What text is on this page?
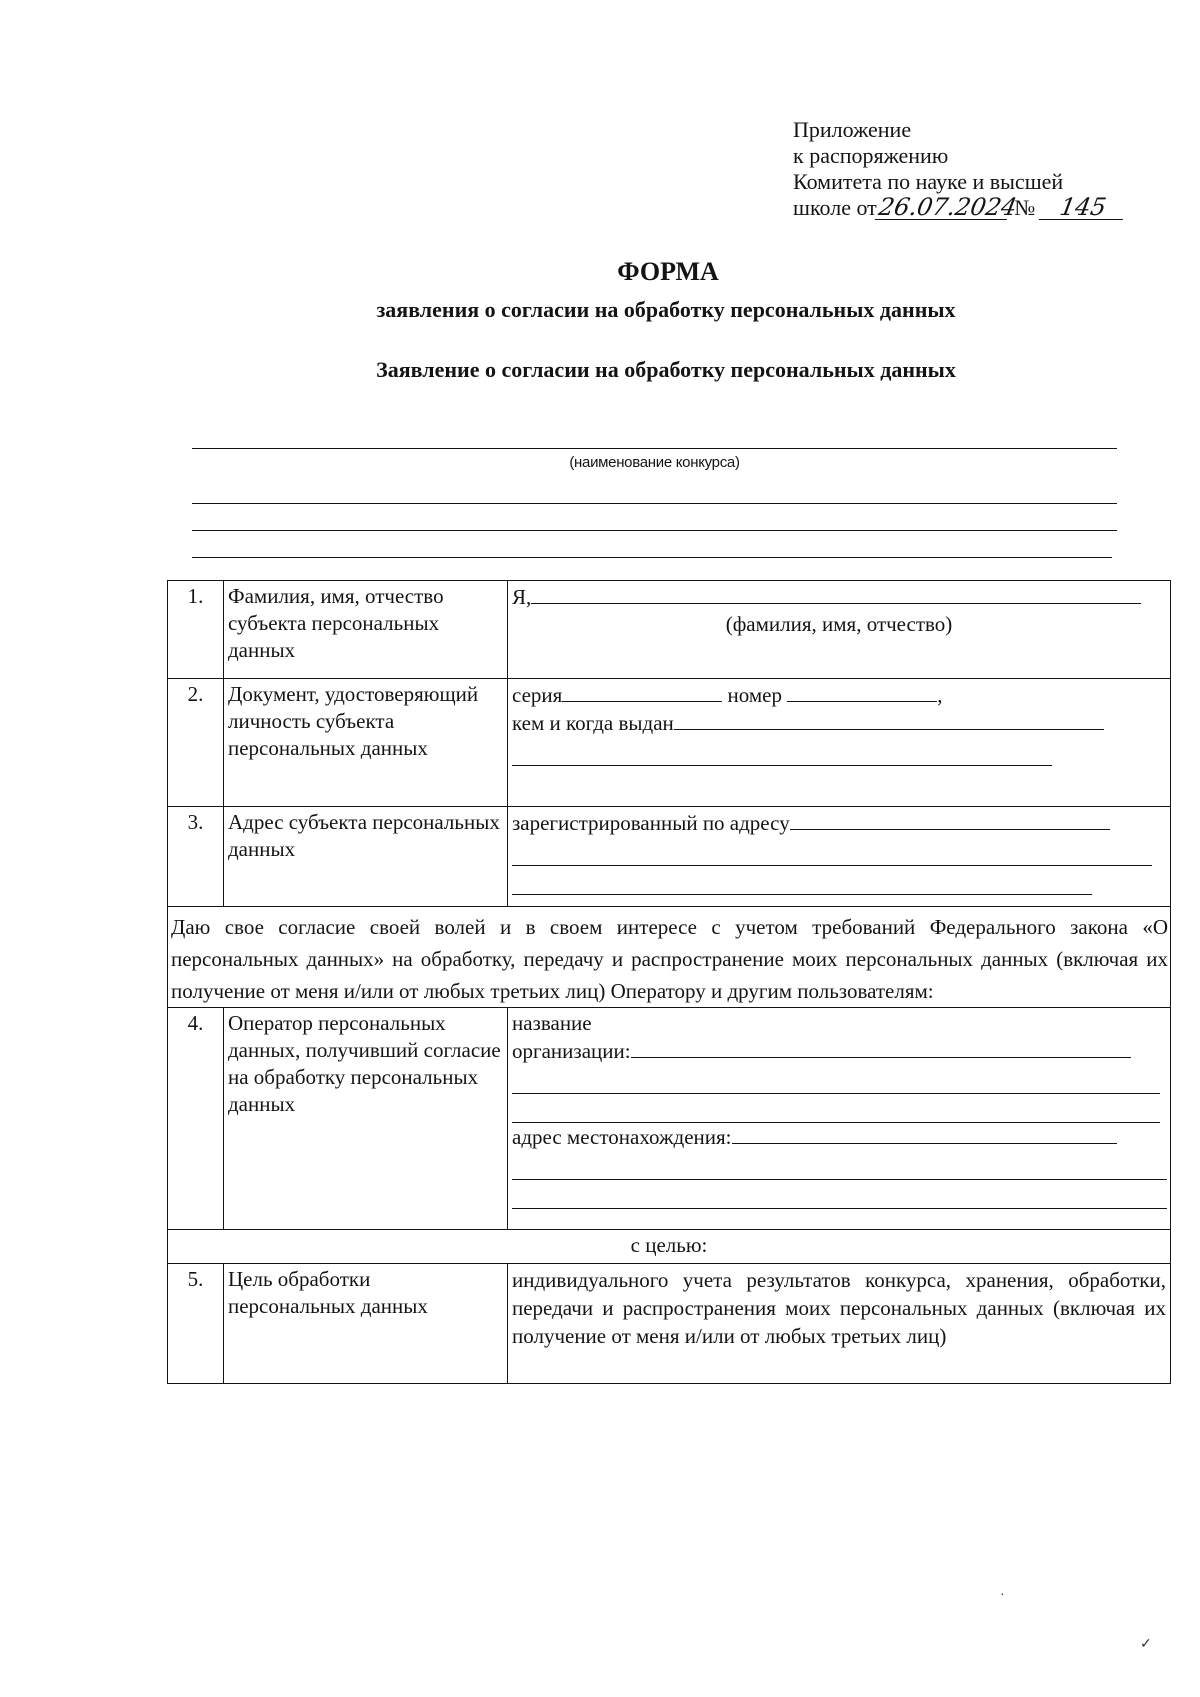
Приложение
к распоряжению
Комитета по науке и высшей
школе от26.07.2024 № 145
ФОРМА
заявления о согласии на обработку персональных данных
Заявление о согласии на обработку персональных данных
(наименование конкурса)
1.	Фамилия, имя, отчество субъекта персональных данных	Я,
(фамилия, имя, отчество)

2.	Документ, удостоверяющий личность субъекта персональных данных	серия номер ,
кем и когда выдан

3.	Адрес субъекта персональных данных	зарегистрированный по адресу

Даю свое согласие своей волей и в своем интересе с учетом требований Федерального закона «О персональных данных» на обработку, передачу и распространение моих персональных данных (включая их получение от меня и/или от любых третьих лиц) Оператору и другим пользователям:		
4.	Оператор персональных данных, получивший согласие на обработку персональных данных	название
организации:
адрес местонахождения:

с целью:		
5.	Цель обработки персональных данных	индивидуального учета результатов конкурса, хранения, обработки, передачи и распространения моих персональных данных (включая их получение от меня и/или от любых третьих лиц)
·
✓
